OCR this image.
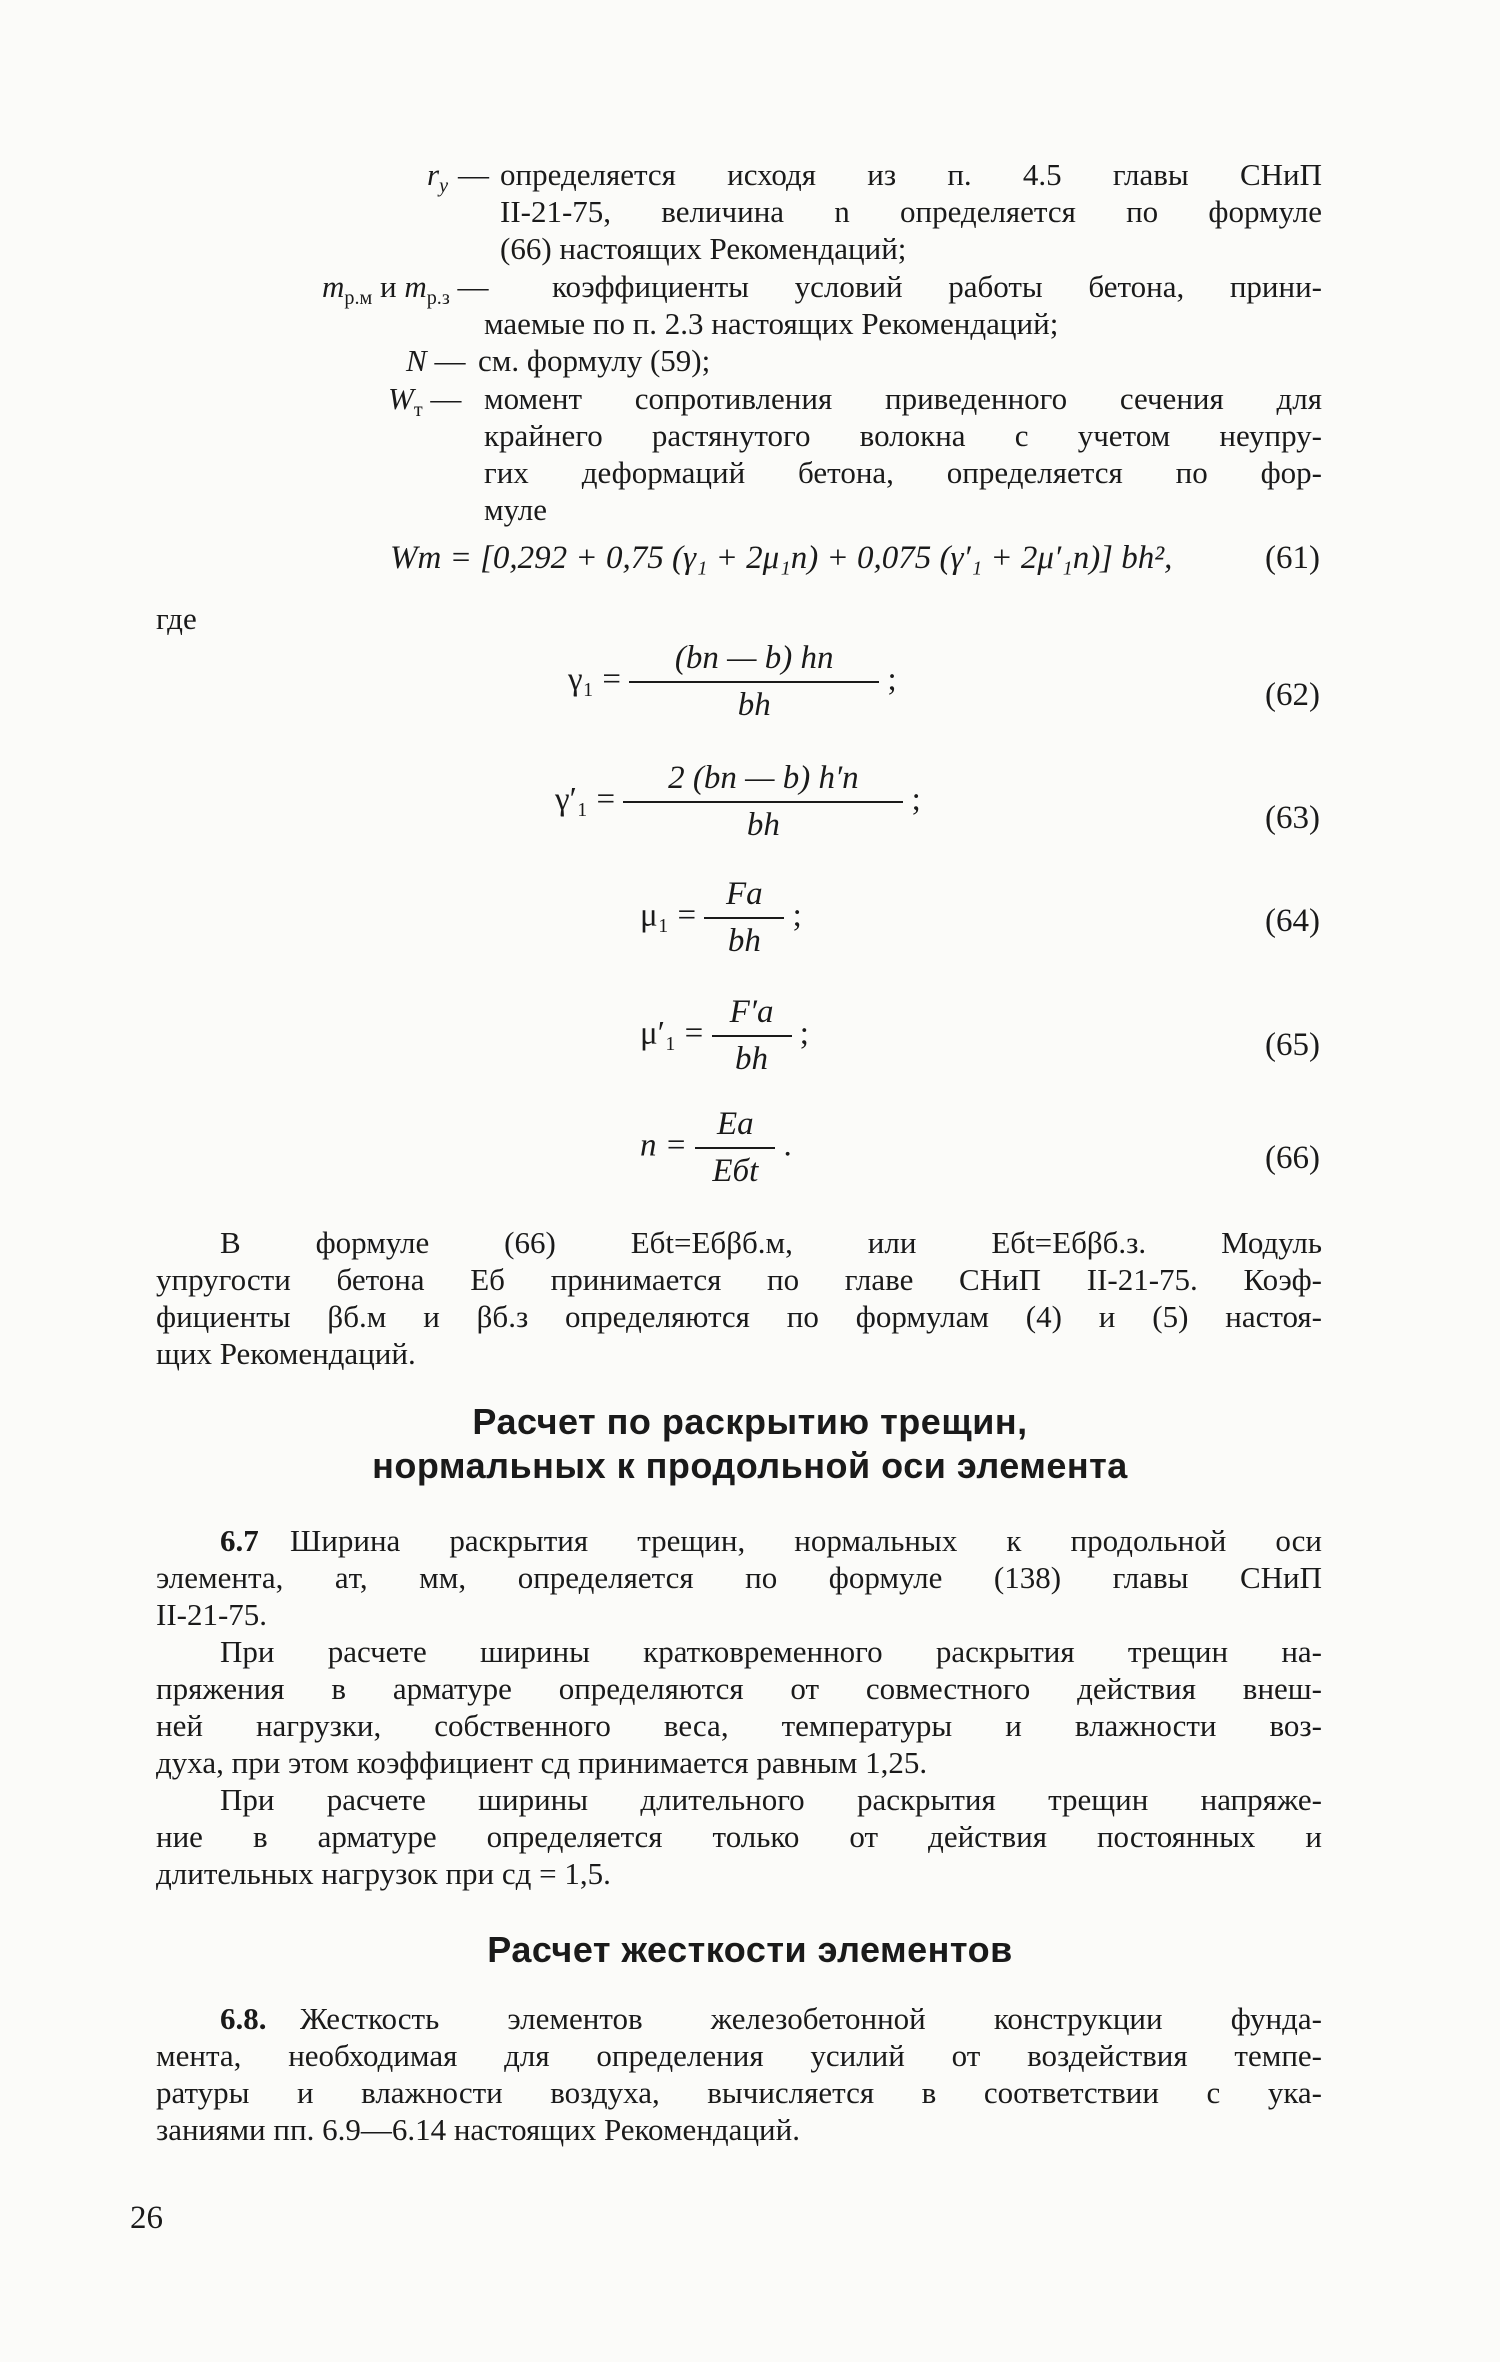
$r_у$ — определяется исходя из п. 4.5 главы СНиП
II-21-75, величина n определяется по формуле
(66) настоящих Рекомендаций;
$m_{р.м}$ и $m_{р.з}$ — коэффициенты условий работы бетона, прини-
маемые по п. 2.3 настоящих Рекомендаций;
N — см. формулу (59);
$W_т$ — момент сопротивления приведенного сечения для
крайнего растянутого волокна с учетом неупру-
гих деформаций бетона, определяется по фор-
муле
Wт = [0,292 + 0,75 (γ₁ + 2μ₁n) + 0,075 (γ′₁ + 2μ′₁n)] bh²,	(61)
где
$\gamma_1 = \frac{(bп — b) hп}{bh}$ ;	(62)
$\gamma'_1 = \frac{2 (bп — b) h'п}{bh}$ ;
(63)
$\mu_1 = \frac{Fа}{bh}$ ;	(64)
$\mu'_1 = \frac{F'а}{bh}$ ;	(65)
$n = \frac{Eа}{\text{Eбt}}$ .	(66)
В формуле (66) Eбt=Eбβб.м, или Eбt=Eбβб.з. Модуль
упругости бетона Eб принимается по главе СНиП II-21-75. Коэф-
фициенты βб.м и βб.з определяются по формулам (4) и (5) настоя-
щих Рекомендаций.
Расчет по раскрытию трещин,
нормальных к продольной оси элемента
6.7 Ширина раскрытия трещин, нормальных к продольной оси
элемента, aт, мм, определяется по формуле (138) главы СНиП
II-21-75.
При расчете ширины кратковременного раскрытия трещин на-
пряжения в арматуре определяются от совместного действия внеш-
ней нагрузки, собственного веса, температуры и влажности воз-
духа, при этом коэффициент cд принимается равным 1,25.
При расчете ширины длительного раскрытия трещин напряже-
ние в арматуре определяется только от действия постоянных и
длительных нагрузок при cд = 1,5.
Расчет жесткости элементов
6.8. Жесткость элементов железобетонной конструкции фунда-
мента, необходимая для определения усилий от воздействия темпе-
ратуры и влажности воздуха, вычисляется в соответствии с ука-
заниями пп. 6.9—6.14 настоящих Рекомендаций.
26
